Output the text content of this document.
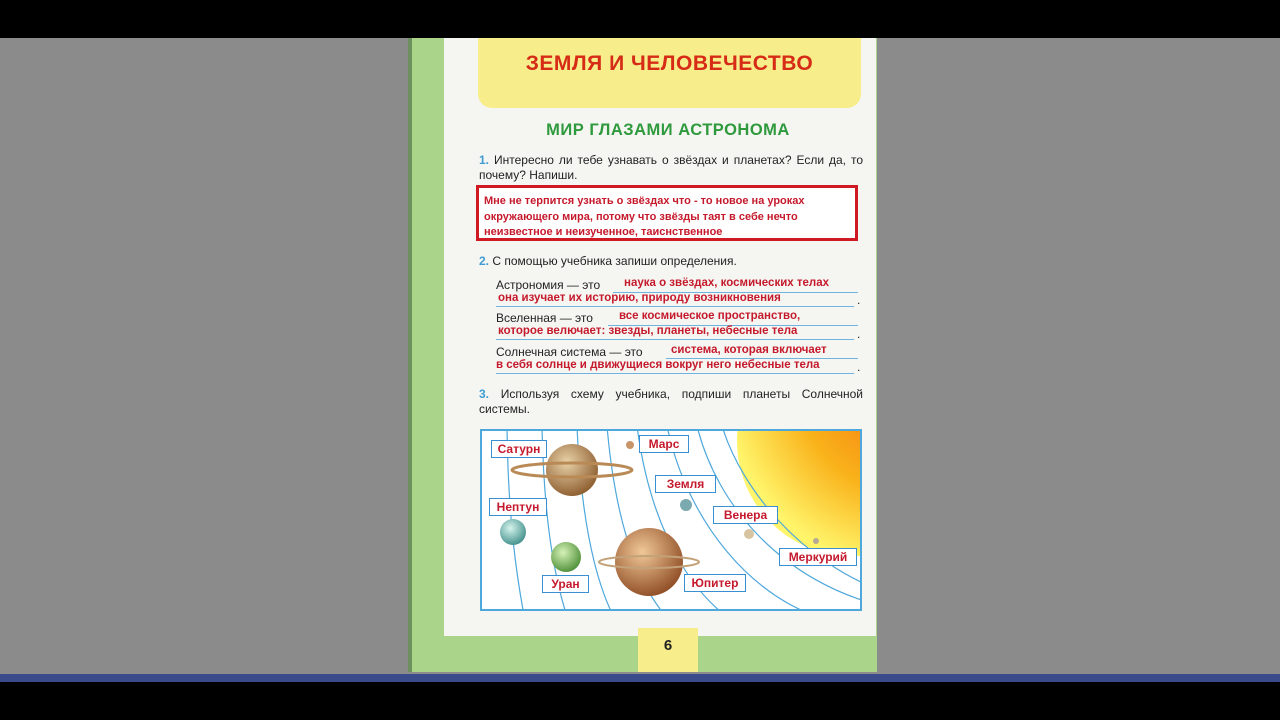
ЗЕМЛЯ И ЧЕЛОВЕЧЕСТВО
МИР ГЛАЗАМИ АСТРОНОМА
1. Интересно ли тебе узнавать о звёздах и планетах? Если да, то почему? Напиши.
Мне не терпится узнать о звёздах что - то новое на уроках окружающего мира, потому что звёзды таят в себе нечто неизвестное и неизученное, таиснственное
2. С помощью учебника запиши определения.
Астрономия — это наука о звёздах, космических телах
она изучает их историю, природу возникновения	.
Вселенная — это все космическое пространство,
которое велючает: звезды, планеты, небесные тела	.
Солнечная система — это система, которая включает
в себя солнце и движущиеся вокруг него небесные тела	.
3. Используя схему учебника, подпиши планеты Солнечной системы.
Сатурн	Марс
Земля
Нептун
Венера
Меркурий
Уран	Юпитер
6
